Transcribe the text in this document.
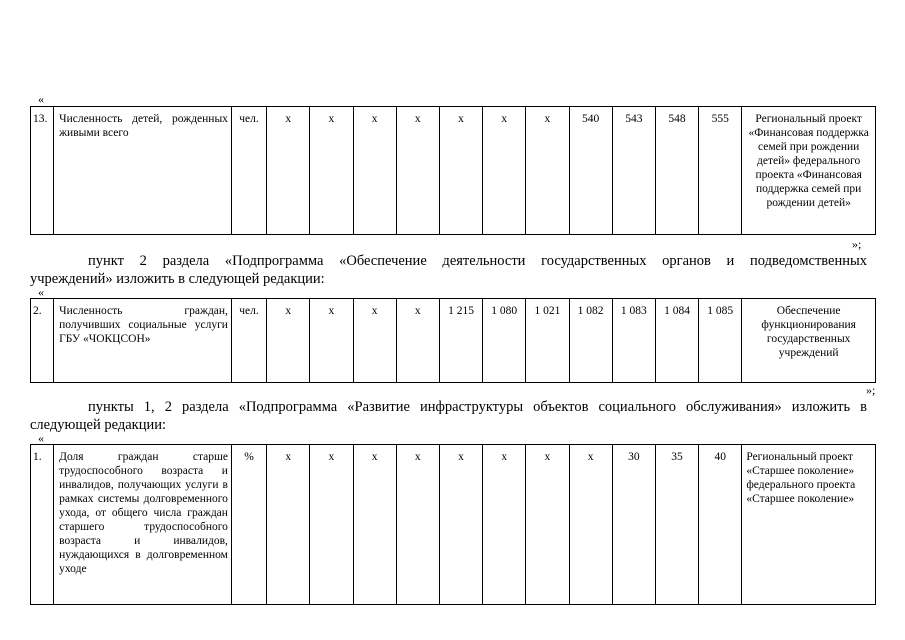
«
13.	Численность детей, рожденных живыми всего	чел.	х	х	х	х	х	х	х	540	543	548	555	Региональный проект «Финансовая поддержка семей при рождении детей» федерального проекта «Финансовая поддержка семей при рождении детей»
»;
пункт 2 раздела «Подпрограмма «Обеспечение деятельности государственных органов и подведомственных
учреждений» изложить в следующей редакции:
«
2.	Численность граждан, получивших социальные услуги ГБУ «ЧОКЦСОН»	чел.	х	х	х	х	1 215	1 080	1 021	1 082	1 083	1 084	1 085	Обеспечение функционирования государственных учреждений
»;
пункты 1, 2 раздела «Подпрограмма «Развитие инфраструктуры объектов социального обслуживания» изложить в
следующей редакции:
«
1.	Доля граждан старше трудоспособного возраста и инвалидов, получающих услуги в рамках системы долговременного ухода, от общего числа граждан старшего трудоспособного возраста и инвалидов, нуждающихся в долговременном уходе	%	х	х	х	х	х	х	х	х	30	35	40	Региональный проект «Старшее поколение» федерального проекта «Старшее поколение»
